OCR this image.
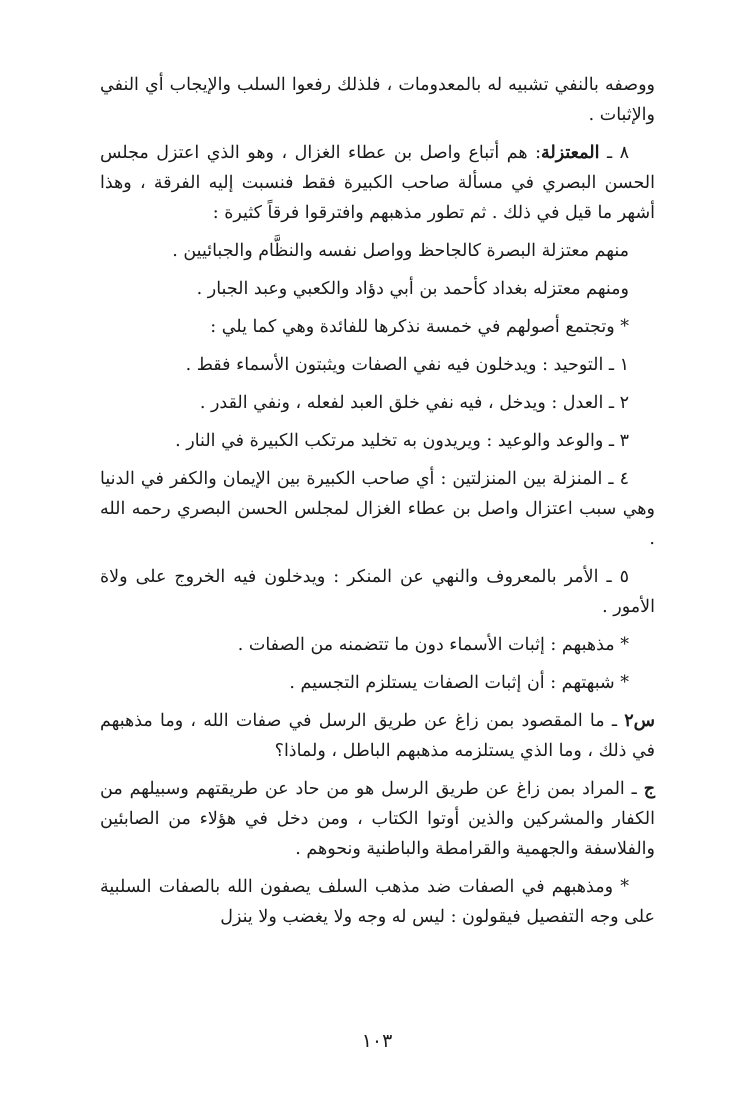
ووصفه بالنفي تشبيه له بالمعدومات ، فلذلك رفعوا السلب والإيجاب أي النفي والإثبات .

٨ ـ المعتزلة: هم أتباع واصل بن عطاء الغزال ، وهو الذي اعتزل مجلس الحسن البصري في مسألة صاحب الكبيرة فقط فنسبت إليه الفرقة ، وهذا أشهر ما قيل في ذلك . ثم تطور مذهبهم وافترقوا فرقاً كثيرة :

منهم معتزلة البصرة كالجاحظ وواصل نفسه والنظَّام والجبائيين .

ومنهم معتزله بغداد كأحمد بن أبي دؤاد والكعبي وعبد الجبار .

* وتجتمع أصولهم في خمسة نذكرها للفائدة وهي كما يلي :

١ ـ التوحيد : ويدخلون فيه نفي الصفات ويثبتون الأسماء فقط .

٢ ـ العدل : ويدخل ، فيه نفي خلق العبد لفعله ، ونفي القدر .

٣ ـ والوعد والوعيد : ويريدون به تخليد مرتكب الكبيرة في النار .

٤ ـ المنزلة بين المنزلتين : أي صاحب الكبيرة بين الإيمان والكفر في الدنيا وهي سبب اعتزال واصل بن عطاء الغزال لمجلس الحسن البصري رحمه الله .

٥ ـ الأمر بالمعروف والنهي عن المنكر : ويدخلون فيه الخروج على ولاة الأمور .

* مذهبهم : إثبات الأسماء دون ما تتضمنه من الصفات .

* شبهتهم : أن إثبات الصفات يستلزم التجسيم .

س٢ ـ ما المقصود بمن زاغ عن طريق الرسل في صفات الله ، وما مذهبهم في ذلك ، وما الذي يستلزمه مذهبهم الباطل ، ولماذا؟

ج ـ المراد بمن زاغ عن طريق الرسل هو من حاد عن طريقتهم وسبيلهم من الكفار والمشركين والذين أوتوا الكتاب ، ومن دخل في هؤلاء من الصابئين والفلاسفة والجهمية والقرامطة والباطنية ونحوهم .

* ومذهبهم في الصفات ضد مذهب السلف يصفون الله بالصفات السلبية على وجه التفصيل فيقولون : ليس له وجه ولا يغضب ولا ينزل

١٠٣
